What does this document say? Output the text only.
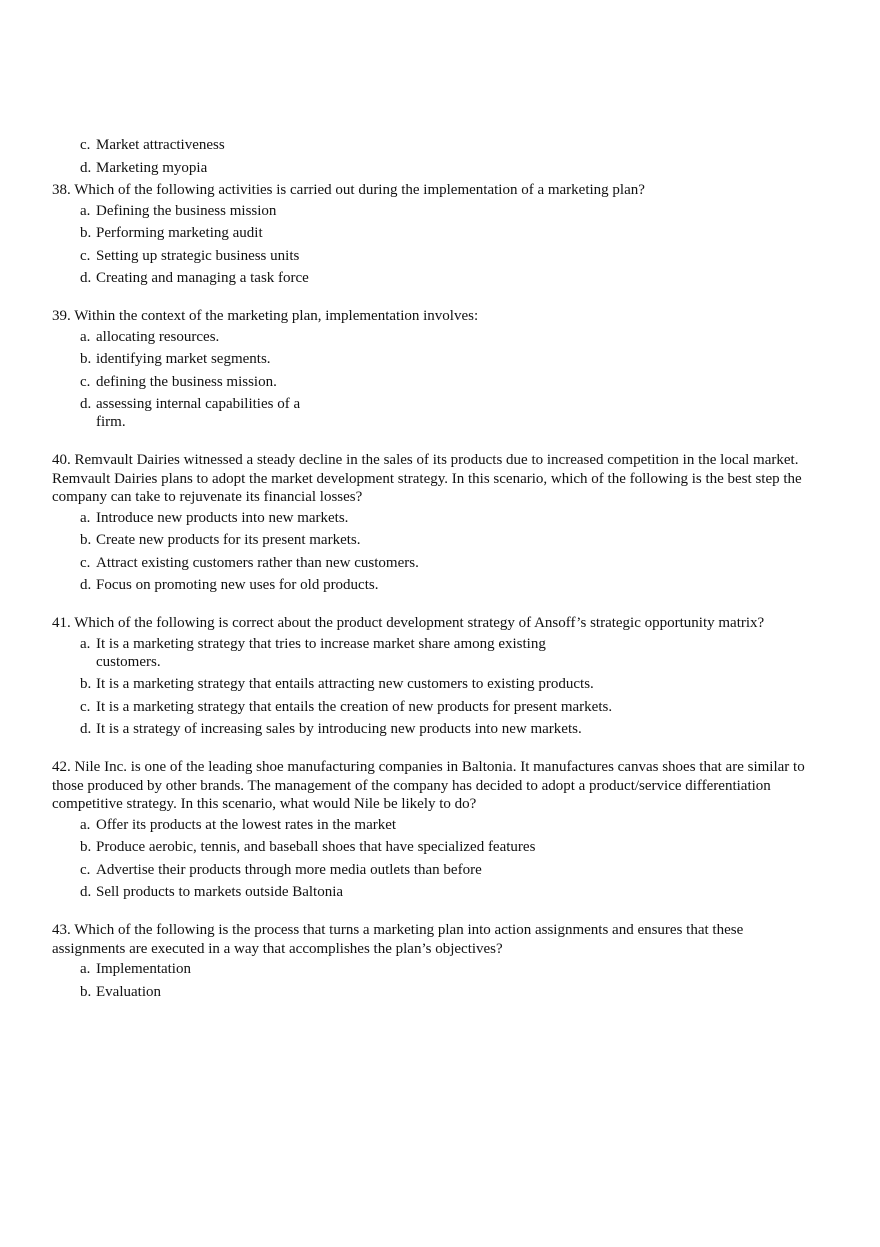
c. Market attractiveness
d. Marketing myopia
38. Which of the following activities is carried out during the implementation of a marketing plan?
a. Defining the business mission
b. Performing marketing audit
c. Setting up strategic business units
d. Creating and managing a task force
39. Within the context of the marketing plan, implementation involves:
a. allocating resources.
b. identifying market segments.
c. defining the business mission.
d. assessing internal capabilities of a firm.
40. Remvault Dairies witnessed a steady decline in the sales of its products due to increased competition in the local market. Remvault Dairies plans to adopt the market development strategy. In this scenario, which of the following is the best step the company can take to rejuvenate its financial losses?
a. Introduce new products into new markets.
b. Create new products for its present markets.
c. Attract existing customers rather than new customers.
d. Focus on promoting new uses for old products.
41. Which of the following is correct about the product development strategy of Ansoff’s strategic opportunity matrix?
a. It is a marketing strategy that tries to increase market share among existing customers.
b. It is a marketing strategy that entails attracting new customers to existing products.
c. It is a marketing strategy that entails the creation of new products for present markets.
d. It is a strategy of increasing sales by introducing new products into new markets.
42. Nile Inc. is one of the leading shoe manufacturing companies in Baltonia. It manufactures canvas shoes that are similar to those produced by other brands. The management of the company has decided to adopt a product/service differentiation competitive strategy. In this scenario, what would Nile be likely to do?
a. Offer its products at the lowest rates in the market
b. Produce aerobic, tennis, and baseball shoes that have specialized features
c. Advertise their products through more media outlets than before
d. Sell products to markets outside Baltonia
43. Which of the following is the process that turns a marketing plan into action assignments and ensures that these assignments are executed in a way that accomplishes the plan’s objectives?
a. Implementation
b. Evaluation
